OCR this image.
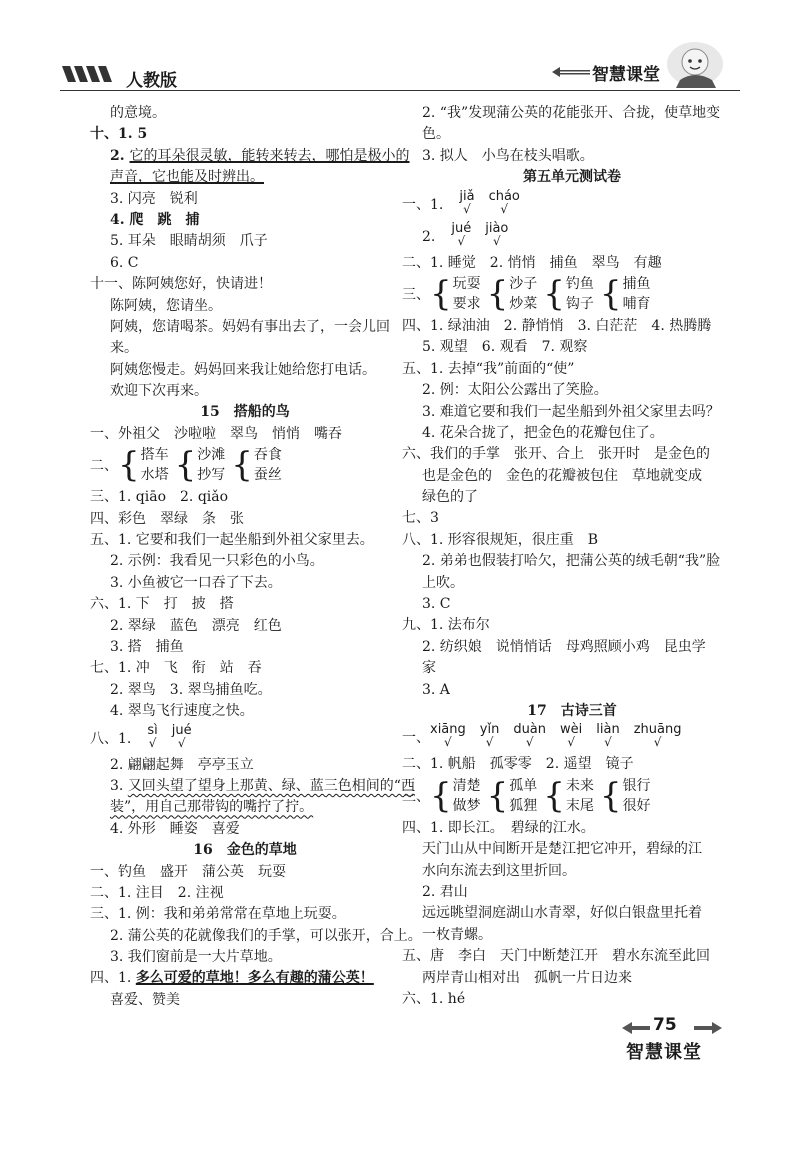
人教版	智慧课堂
的意境。
十、1. 5
2. 它的耳朵很灵敏，能转来转去，哪怕是极小的
声音，它也能及时辨出。
3. 闪亮　锐利
4. 爬　跳　捕
5. 耳朵　眼睛胡须　爪子
6. C
十一、陈阿姨您好，快请进！
陈阿姨，您请坐。
阿姨，您请喝茶。妈妈有事出去了，一会儿回
来。
阿姨您慢走。妈妈回来我让她给您打电话。
欢迎下次再来。
15　搭船的鸟
一、外祖父　沙啦啦　翠鸟　悄悄　嘴吞
二、{ 搭车
水塔 { 沙滩
抄写 { 吞食
蚕丝
三、1. qiāo　2. qiǎo
四、彩色　翠绿　条　张
五、1. 它要和我们一起坐船到外祖父家里去。
2. 示例：我看见一只彩色的小鸟。
3. 小鱼被它一口吞了下去。
六、1. 下　打　披　搭
2. 翠绿　蓝色　漂亮　红色
3. 搭　捕鱼
七、1. 冲　飞　衔　站　吞
2. 翠鸟　3. 翠鸟捕鱼吃。
4. 翠鸟飞行速度之快。
八、1.
sì
√
jué
√
2. 翩翩起舞　亭亭玉立
3. 又回头望了望身上那黄、绿、蓝三色相间的“西
装”，用自己那带钩的嘴拧了拧。
4. 外形　睡姿　喜爱
16　金色的草地
一、钓鱼　盛开　蒲公英　玩耍
二、1. 注目　2. 注视
三、1. 例：我和弟弟常常在草地上玩耍。
2. 蒲公英的花就像我们的手掌，可以张开，合上。
3. 我们窗前是一大片草地。
四、1. 多么可爱的草地！多么有趣的蒲公英！
喜爱、赞美
2. “我”发现蒲公英的花能张开、合拢，使草地变
色。
3. 拟人　小鸟在枝头唱歌。
第五单元测试卷
一、1.
jiǎ
√
cháo
√
2.
jué
√
jiào
√
二、1. 睡觉　2. 悄悄　捕鱼　翠鸟　有趣
三、{ 玩耍
要求 { 沙子
炒菜 { 钓鱼
钩子 { 捕鱼
哺育
四、1. 绿油油　2. 静悄悄　3. 白茫茫　4. 热腾腾
5. 观望　6. 观看　7. 观察
五、1. 去掉“我”前面的“使”
2. 例：太阳公公露出了笑脸。
3. 难道它要和我们一起坐船到外祖父家里去吗？
4. 花朵合拢了，把金色的花瓣包住了。
六、我们的手掌　张开、合上　张开时　是金色的
也是金色的　金色的花瓣被包住　草地就变成
绿色的了
七、3
八、1. 形容很规矩，很庄重　B
2. 弟弟也假装打哈欠，把蒲公英的绒毛朝“我”脸
上吹。
3. C
九、1. 法布尔
2. 纺织娘　说悄悄话　母鸡照顾小鸡　昆虫学
家
3. A
17　古诗三首
一、
xiāng
√
yǐn
√
duàn
√
wèi
√
liàn
√
zhuāng
√
二、1. 帆船　孤零零　2. 遥望　镜子
三、{ 清楚
做梦 { 孤单
狐狸 { 未来
末尾 { 银行
很好
四、1. 即长江。　碧绿的江水。
天门山从中间断开是楚江把它冲开，碧绿的江
水向东流去到这里折回。
2. 君山
远远眺望洞庭湖山水青翠，好似白银盘里托着
一枚青螺。
五、唐　李白　天门中断楚江开　碧水东流至此回
两岸青山相对出　孤帆一片日边来
六、1. hé
75
智慧课堂
